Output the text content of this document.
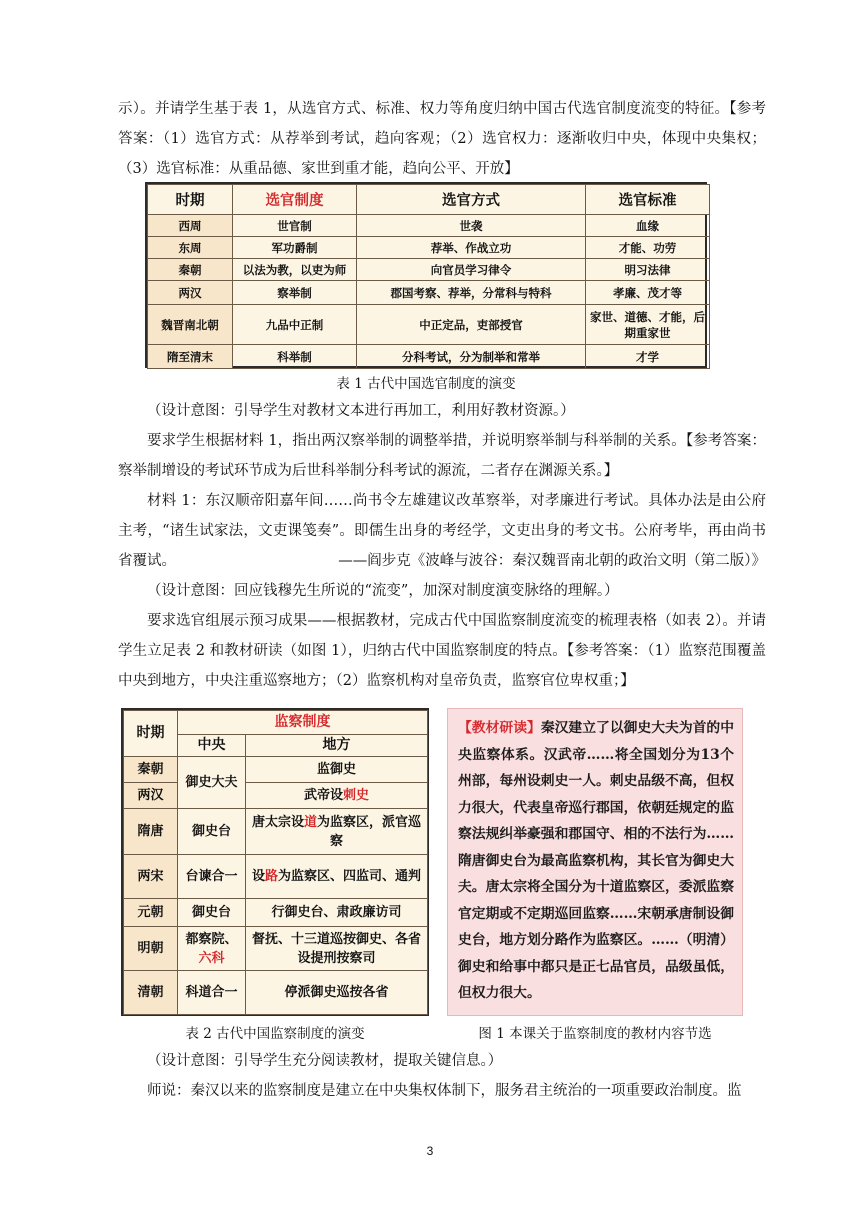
示）。并请学生基于表 1，从选官方式、标准、权力等角度归纳中国古代选官制度流变的特征。【参考答案：（1）选官方式：从荐举到考试，趋向客观；（2）选官权力：逐渐收归中央，体现中央集权；（3）选官标准：从重品德、家世到重才能，趋向公平、开放】

时期	选官制度	选官方式	选官标准
西周	世官制	世袭	血缘
东周	军功爵制	荐举、作战立功	才能、功劳
秦朝	以法为教，以吏为师	向官员学习律令	明习法律
两汉	察举制	郡国考察、荐举，分常科与特科	孝廉、茂才等
魏晋南北朝	九品中正制	中正定品，吏部授官	家世、道德、才能，后期重家世
隋至清末	科举制	分科考试，分为制举和常举	才学
表 1 古代中国选官制度的演变

（设计意图：引导学生对教材文本进行再加工，利用好教材资源。）

要求学生根据材料 1，指出两汉察举制的调整举措，并说明察举制与科举制的关系。【参考答案：察举制增设的考试环节成为后世科举制分科考试的源流，二者存在渊源关系。】

材料 1：东汉顺帝阳嘉年间……尚书令左雄建议改革察举，对孝廉进行考试。具体办法是由公府主考，“诸生试家法，文吏课笺奏”。即儒生出身的考经学，文吏出身的考文书。公府考毕，再由尚书省覆试。	——阎步克《波峰与波谷：秦汉魏晋南北朝的政治文明（第二版）》

（设计意图：回应钱穆先生所说的“流变”，加深对制度演变脉络的理解。）

要求选官组展示预习成果——根据教材，完成古代中国监察制度流变的梳理表格（如表 2）。并请学生立足表 2 和教材研读（如图 1），归纳古代中国监察制度的特点。【参考答案：（1）监察范围覆盖中央到地方，中央注重巡察地方；（2）监察机构对皇帝负责，监察官位卑权重；】

时期	监察制度	
	中央	地方
秦朝	御史大夫	监御史
两汉		武帝设刺史
隋唐	御史台	唐太宗设道为监察区，派官巡察
两宋	台谏合一	设路为监察区、四监司、通判
元朝	御史台	行御史台、肃政廉访司
明朝	都察院、六科	督抚、十三道巡按御史、各省设提刑按察司
清朝	科道合一	停派御史巡按各省
表 2 古代中国监察制度的演变
【教材研读】秦汉建立了以御史大夫为首的中央监察体系。汉武帝……将全国划分为13个州部，每州设刺史一人。刺史品级不高，但权力很大，代表皇帝巡行郡国，依朝廷规定的监察法规纠举豪强和郡国守、相的不法行为……隋唐御史台为最高监察机构，其长官为御史大夫。唐太宗将全国分为十道监察区，委派监察官定期或不定期巡回监察……宋朝承唐制设御史台，地方划分路作为监察区。……（明清）御史和给事中都只是正七品官员，品级虽低，但权力很大。
图 1 本课关于监察制度的教材内容节选

（设计意图：引导学生充分阅读教材，提取关键信息。）

师说：秦汉以来的监察制度是建立在中央集权体制下，服务君主统治的一项重要政治制度。监

3
